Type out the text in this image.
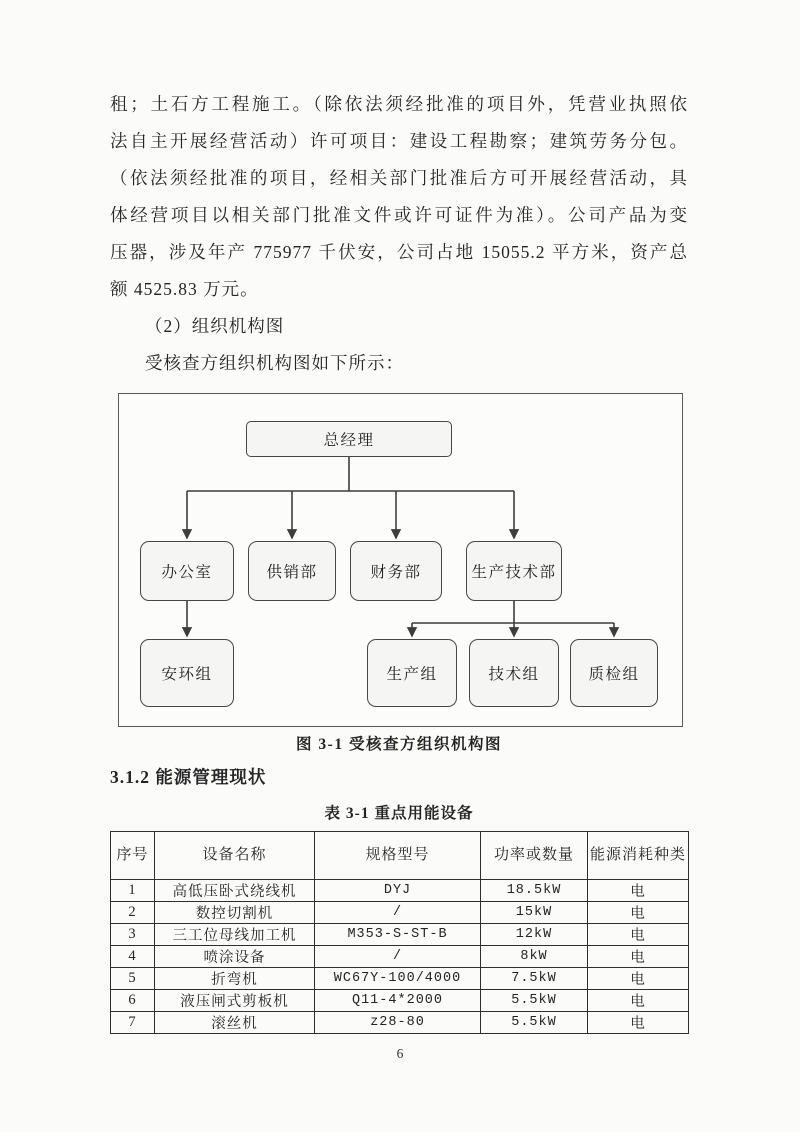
租；土石方工程施工。（除依法须经批准的项目外，凭营业执照依
法自主开展经营活动）许可项目：建设工程勘察；建筑劳务分包。
（依法须经批准的项目，经相关部门批准后方可开展经营活动，具
体经营项目以相关部门批准文件或许可证件为准）。公司产品为变
压器，涉及年产 775977 千伏安，公司占地 15055.2 平方米，资产总
额 4525.83 万元。
（2）组织机构图
受核查方组织机构图如下所示：
总经理
办公室	供销部	财务部	生产技术部
安环组	生产组	技术组	质检组
图 3-1 受核查方组织机构图
3.1.2 能源管理现状
表 3-1 重点用能设备
序号	设备名称	规格型号	功率或数量	能源消耗种类
1	高低压卧式绕线机	DYJ	18.5kW	电
2	数控切割机	/	15kW	电
3	三工位母线加工机	M353-S-ST-B	12kW	电
4	喷涂设备	/	8kW	电
5	折弯机	WC67Y-100/4000	7.5kW	电
6	液压闸式剪板机	Q11-4*2000	5.5kW	电
7	滚丝机	z28-80	5.5kW	电
6
